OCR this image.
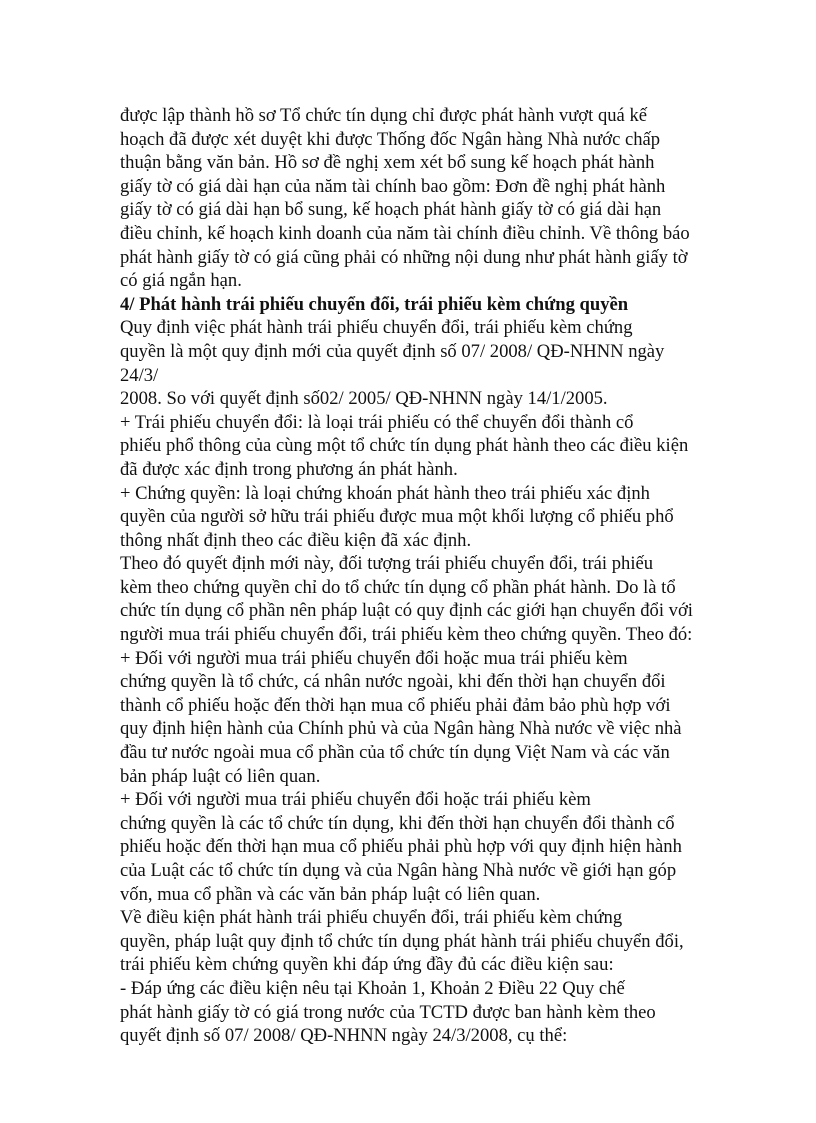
được lập thành hồ sơ Tổ chức tín dụng chỉ được phát hành vượt quá kế
hoạch đã được xét duyệt khi được Thống đốc Ngân hàng Nhà nước chấp
thuận bằng văn bản. Hồ sơ đề nghị xem xét bổ sung kế hoạch phát hành
giấy tờ có giá dài hạn của năm tài chính bao gồm: Đơn đề nghị phát hành
giấy tờ có giá dài hạn bổ sung, kế hoạch phát hành giấy tờ có giá dài hạn
điều chỉnh, kế hoạch kinh doanh của năm tài chính điều chỉnh. Về thông báo
phát hành giấy tờ có giá cũng phải có những nội dung như phát hành giấy tờ
có giá ngắn hạn.
4/ Phát hành trái phiếu chuyển đổi, trái phiếu kèm chứng quyền
Quy định việc phát hành trái phiếu chuyển đổi, trái phiếu kèm chứng
quyền là một quy định mới của quyết định số 07/ 2008/ QĐ-NHNN ngày
24/3/
2008. So với quyết định số02/ 2005/ QĐ-NHNN ngày 14/1/2005.
+ Trái phiếu chuyển đổi: là loại trái phiếu có thể chuyển đổi thành cổ
phiếu phổ thông của cùng một tổ chức tín dụng phát hành theo các điều kiện
đã được xác định trong phương án phát hành.
+ Chứng quyền: là loại chứng khoán phát hành theo trái phiếu xác định
quyền của người sở hữu trái phiếu được mua một khối lượng cổ phiếu phổ
thông nhất định theo các điều kiện đã xác định.
Theo đó quyết định mới này, đối tượng trái phiếu chuyển đổi, trái phiếu
kèm theo chứng quyền chỉ do tổ chức tín dụng cổ phần phát hành. Do là tổ
chức tín dụng cổ phần nên pháp luật có quy định các giới hạn chuyển đổi với
người mua trái phiếu chuyển đổi, trái phiếu kèm theo chứng quyền. Theo đó:
+ Đối với người mua trái phiếu chuyển đổi hoặc mua trái phiếu kèm
chứng quyền là tổ chức, cá nhân nước ngoài, khi đến thời hạn chuyển đổi
thành cổ phiếu hoặc đến thời hạn mua cổ phiếu phải đảm bảo phù hợp với
quy định hiện hành của Chính phủ và của Ngân hàng Nhà nước về việc nhà
đầu tư nước ngoài mua cổ phần của tổ chức tín dụng Việt Nam và các văn
bản pháp luật có liên quan.
+ Đối với người mua trái phiếu chuyển đổi hoặc trái phiếu kèm
chứng quyền là các tổ chức tín dụng, khi đến thời hạn chuyển đổi thành cổ
phiếu hoặc đến thời hạn mua cổ phiếu phải phù hợp với quy định hiện hành
của Luật các tổ chức tín dụng và của Ngân hàng Nhà nước về giới hạn góp
vốn, mua cổ phần và các văn bản pháp luật có liên quan.
Về điều kiện phát hành trái phiếu chuyển đổi, trái phiếu kèm chứng
quyền, pháp luật quy định tổ chức tín dụng phát hành trái phiếu chuyển đổi,
trái phiếu kèm chứng quyền khi đáp ứng đầy đủ các điều kiện sau:
- Đáp ứng các điều kiện nêu tại Khoản 1, Khoản 2 Điều 22 Quy chế
phát hành giấy tờ có giá trong nước của TCTD được ban hành kèm theo
quyết định số 07/ 2008/ QĐ-NHNN ngày 24/3/2008, cụ thể:
